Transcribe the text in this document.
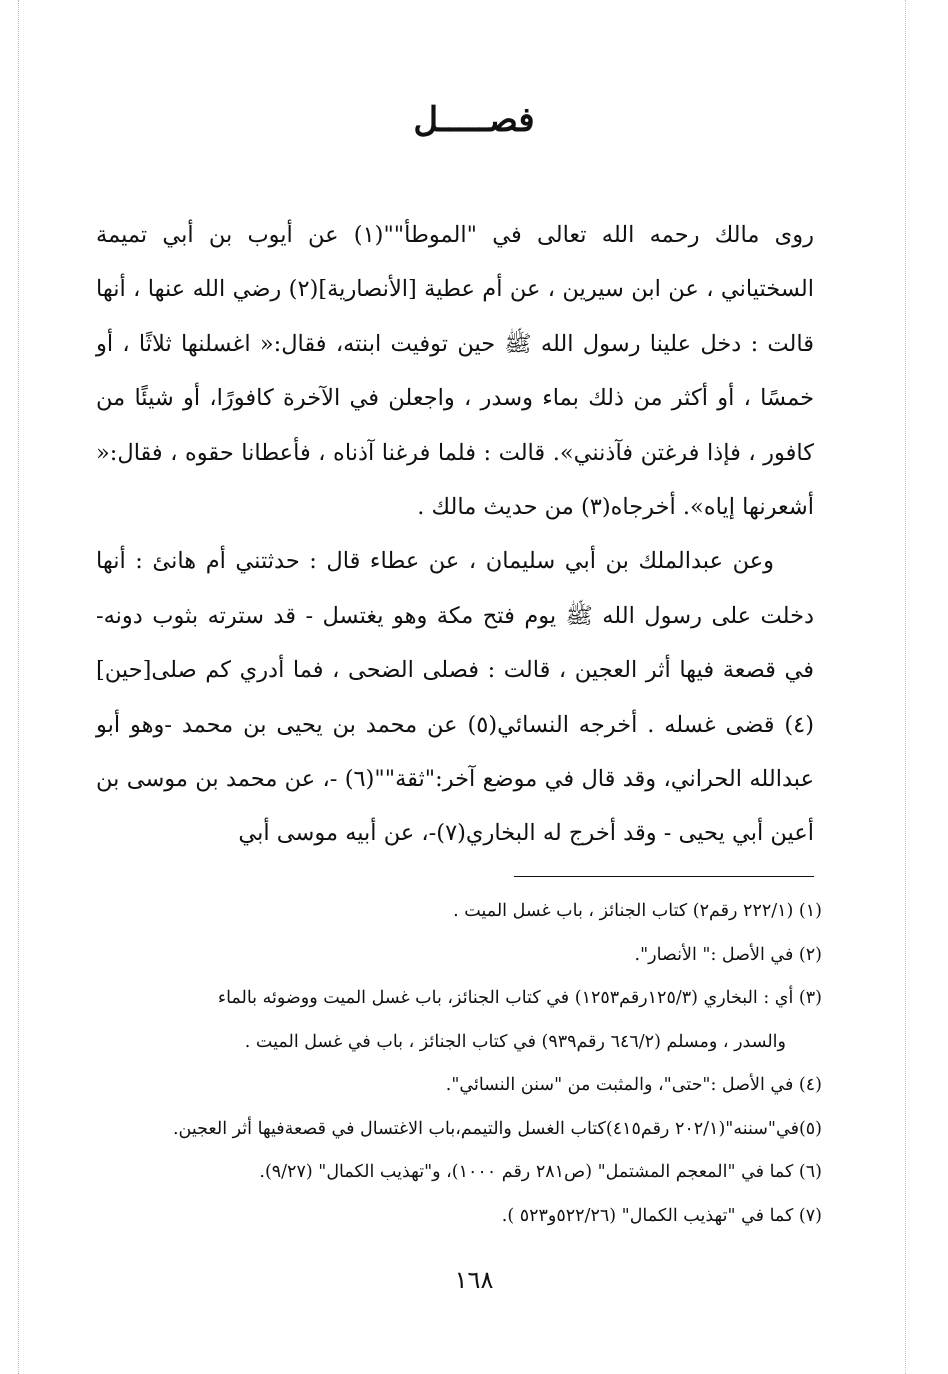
فصـــــل

روى مالك رحمه الله تعالى في "الموطأ""(١) عن أيوب بن أبي تميمة السختياني ، عن ابن سيرين ، عن أم عطية [الأنصارية](٢) رضي الله عنها ، أنها قالت : دخل علينا رسول الله ﷺ حين توفيت ابنته، فقال:« اغسلنها ثلاثًا ، أو خمسًا ، أو أكثر من ذلك بماء وسدر ، واجعلن في الآخرة كافورًا، أو شيئًا من كافور ، فإذا فرغتن فآذنني». قالت : فلما فرغنا آذناه ، فأعطانا حقوه ، فقال:« أشعرنها إياه». أخرجاه(٣) من حديث مالك .

وعن عبدالملك بن أبي سليمان ، عن عطاء قال : حدثتني أم هانئ : أنها دخلت على رسول الله ﷺ يوم فتح مكة وهو يغتسل - قد سترته بثوب دونه- في قصعة فيها أثر العجين ، قالت : فصلى الضحى ، فما أدري كم صلى[حين](٤) قضى غسله . أخرجه النسائي(٥) عن محمد بن يحيى بن محمد -وهو أبو عبدالله الحراني، وقد قال في موضع آخر:"ثقة""(٦) -، عن محمد بن موسى بن أعين أبي يحيى - وقد أخرج له البخاري(٧)-، عن أبيه موسى أبي

(١) (٢٢٢/١ رقم٢) كتاب الجنائز ، باب غسل الميت .

(٢) في الأصل :" الأنصار".

(٣) أي : البخاري (١٢٥/٣رقم١٢٥٣) في كتاب الجنائز، باب غسل الميت ووضوئه بالماء

والسدر ، ومسلم (٦٤٦/٢ رقم٩٣٩) في كتاب الجنائز ، باب في غسل الميت .

(٤) في الأصل :"حتى"، والمثبت من "سنن النسائي".

(٥)في"سننه"(٢٠٢/١ رقم٤١٥)كتاب الغسل والتيمم،باب الاغتسال في قصعةفيها أثر العجين.

(٦) كما في "المعجم المشتمل" (ص٢٨١ رقم ١٠٠٠)، و"تهذيب الكمال" (٩/٢٧).

(٧) كما في "تهذيب الكمال" (٥٢٢/٢٦و٥٢٣ ).

١٦٨
